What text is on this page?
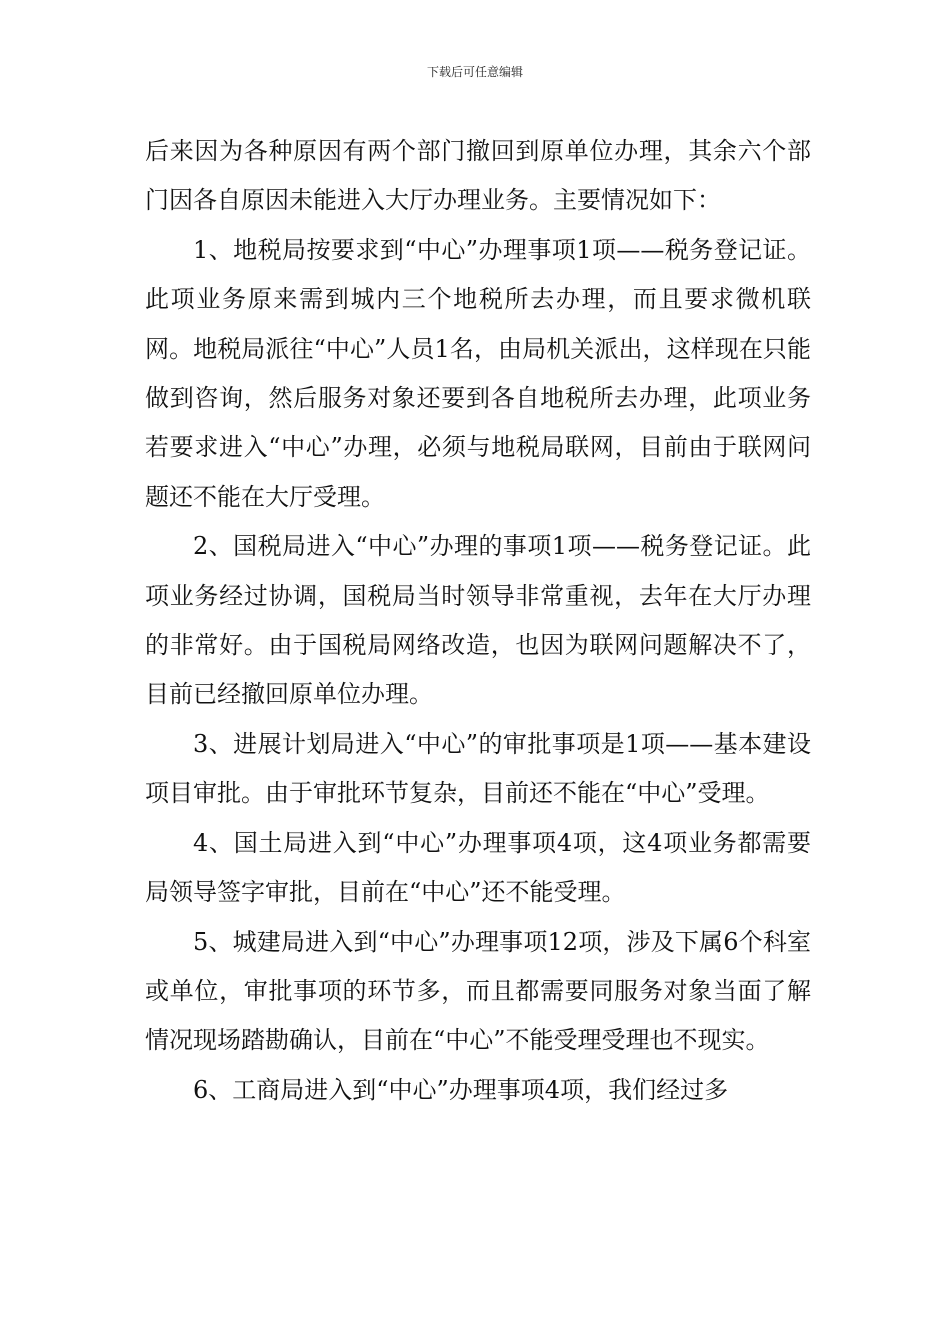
下载后可任意编辑

后来因为各种原因有两个部门撤回到原单位办理，其余六个部门因各自原因未能进入大厅办理业务。主要情况如下：

1、地税局按要求到“中心”办理事项1项——税务登记证。此项业务原来需到城内三个地税所去办理，而且要求微机联网。地税局派往“中心”人员1名，由局机关派出，这样现在只能做到咨询，然后服务对象还要到各自地税所去办理，此项业务若要求进入“中心”办理，必须与地税局联网，目前由于联网问题还不能在大厅受理。

2、国税局进入“中心”办理的事项1项——税务登记证。此项业务经过协调，国税局当时领导非常重视，去年在大厅办理的非常好。由于国税局网络改造，也因为联网问题解决不了，目前已经撤回原单位办理。

3、进展计划局进入“中心”的审批事项是1项——基本建设项目审批。由于审批环节复杂，目前还不能在“中心”受理。

4、国土局进入到“中心”办理事项4项，这4项业务都需要局领导签字审批，目前在“中心”还不能受理。

5、城建局进入到“中心”办理事项12项，涉及下属6个科室或单位，审批事项的环节多，而且都需要同服务对象当面了解情况现场踏勘确认，目前在“中心”不能受理受理也不现实。

6、工商局进入到“中心”办理事项4项，我们经过多
